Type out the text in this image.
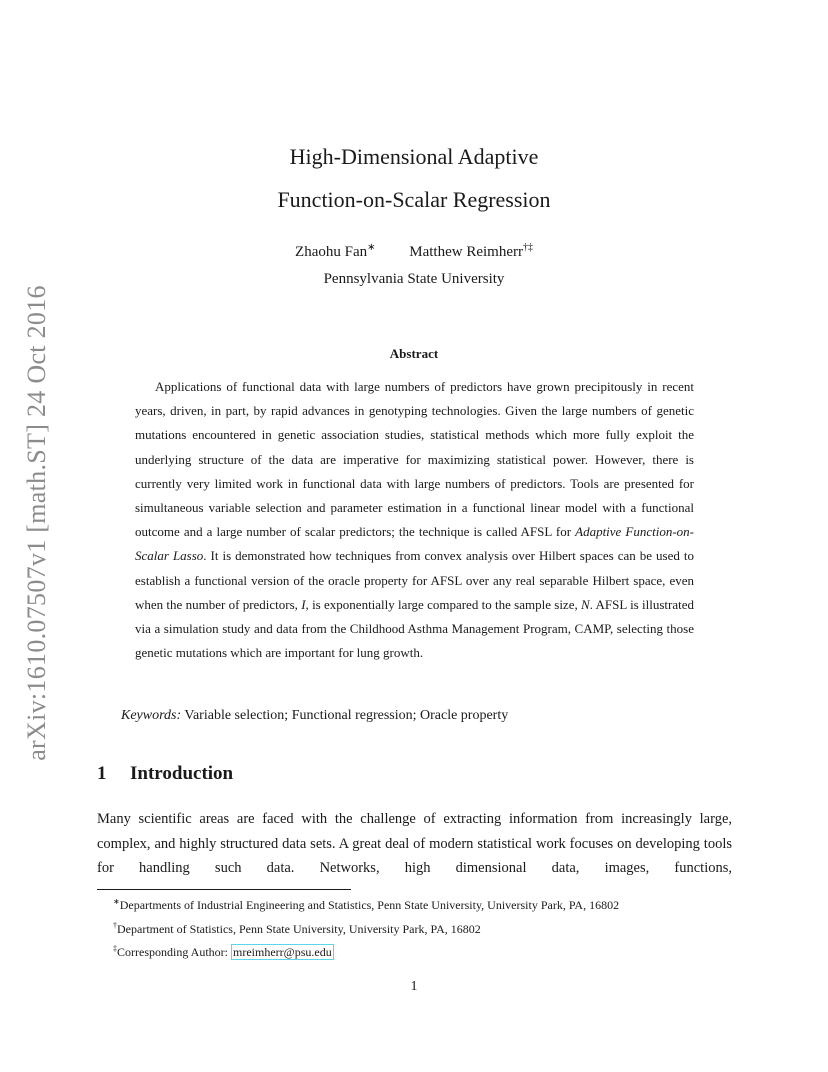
arXiv:1610.07507v1 [math.ST] 24 Oct 2016
High-Dimensional Adaptive
Function-on-Scalar Regression
Zhaohu Fan∗ Matthew Reimherr†‡
Pennsylvania State University
Abstract

Applications of functional data with large numbers of predictors have grown precipitously in recent years, driven, in part, by rapid advances in genotyping technologies. Given the large numbers of genetic mutations encountered in genetic association studies, statistical methods which more fully exploit the underlying structure of the data are imperative for maximizing statistical power. However, there is currently very limited work in functional data with large numbers of predictors. Tools are presented for simultaneous variable selection and parameter estimation in a functional linear model with a functional outcome and a large number of scalar predictors; the technique is called AFSL for Adaptive Function-on-Scalar Lasso. It is demonstrated how techniques from convex analysis over Hilbert spaces can be used to establish a functional version of the oracle property for AFSL over any real separable Hilbert space, even when the number of predictors, I, is exponentially large compared to the sample size, N. AFSL is illustrated via a simulation study and data from the Childhood Asthma Management Program, CAMP, selecting those genetic mutations which are important for lung growth.

Keywords: Variable selection; Functional regression; Oracle property
1 Introduction

Many scientific areas are faced with the challenge of extracting information from increasingly large, complex, and highly structured data sets. A great deal of modern statistical work focuses on developing tools for handling such data. Networks, high dimensional data, images, functions,

∗Departments of Industrial Engineering and Statistics, Penn State University, University Park, PA, 16802
†Department of Statistics, Penn State University, University Park, PA, 16802
‡Corresponding Author: mreimherr@psu.edu
1
